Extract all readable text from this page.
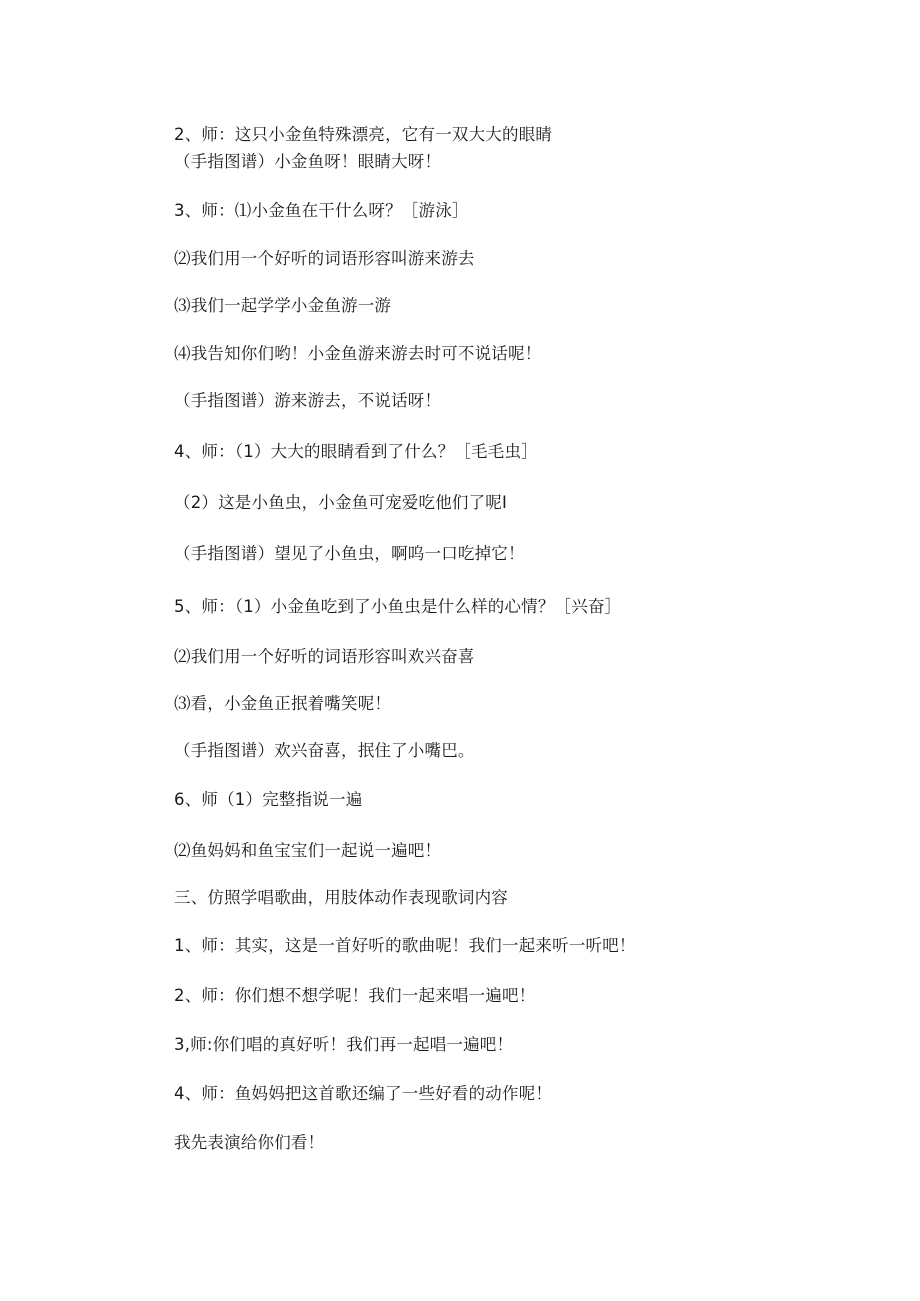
2、师：这只小金鱼特殊漂亮，它有一双大大的眼睛
（手指图谱）小金鱼呀！眼睛大呀！
3、师：⑴小金鱼在干什么呀？［游泳］
⑵我们用一个好听的词语形容叫游来游去
⑶我们一起学学小金鱼游一游
⑷我告知你们哟！小金鱼游来游去时可不说话呢！
（手指图谱）游来游去，不说话呀！
4、师：（1）大大的眼睛看到了什么？［毛毛虫］
（2）这是小鱼虫，小金鱼可宠爱吃他们了呢I
（手指图谱）望见了小鱼虫，啊呜一口吃掉它！
5、师：（1）小金鱼吃到了小鱼虫是什么样的心情？［兴奋］
⑵我们用一个好听的词语形容叫欢兴奋喜
⑶看，小金鱼正抿着嘴笑呢！
（手指图谱）欢兴奋喜，抿住了小嘴巴。
6、师（1）完整指说一遍
⑵鱼妈妈和鱼宝宝们一起说一遍吧！
三、仿照学唱歌曲，用肢体动作表现歌词内容
1、师：其实，这是一首好听的歌曲呢！我们一起来听一听吧！
2、师：你们想不想学呢！我们一起来唱一遍吧！
3,师:你们唱的真好听！我们再一起唱一遍吧！
4、师：鱼妈妈把这首歌还编了一些好看的动作呢！
我先表演给你们看！
